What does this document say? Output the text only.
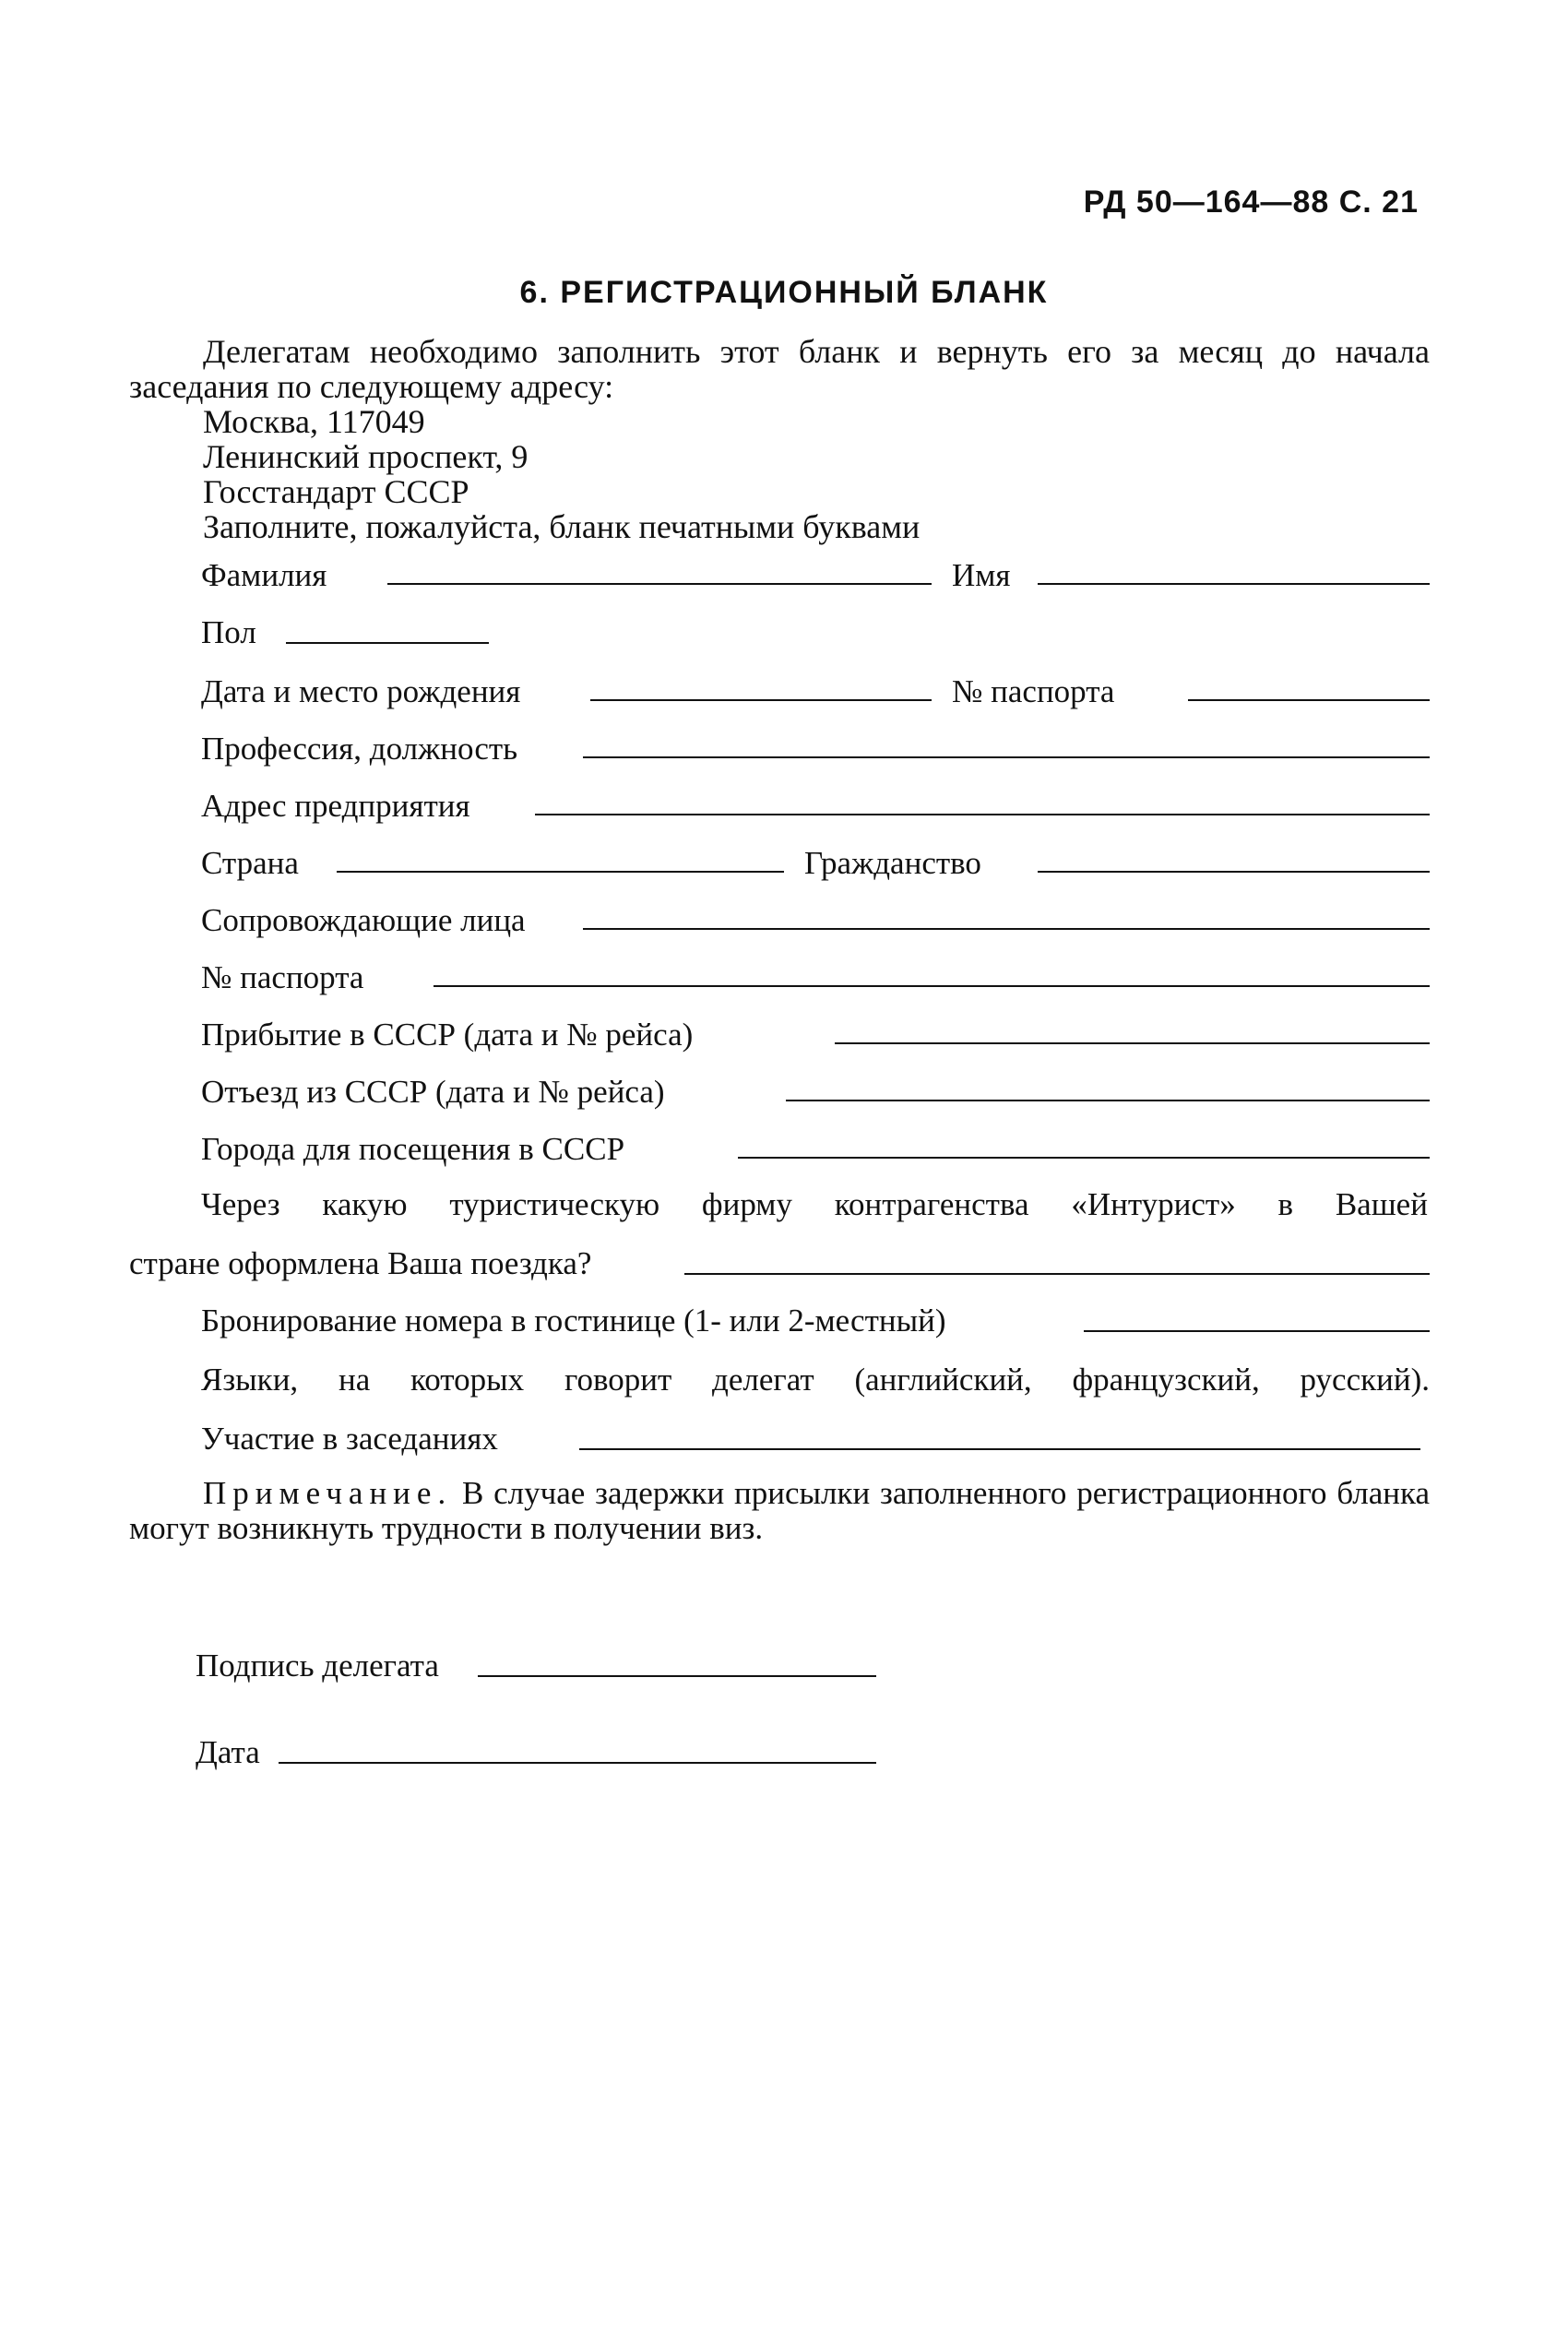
РД 50—164—88 С. 21
6. РЕГИСТРАЦИОННЫЙ БЛАНК
Делегатам необходимо заполнить этот бланк и вернуть его за месяц до начала заседания по следующему адресу:
Москва, 117049
Ленинский проспект, 9
Госстандарт СССР
Заполните, пожалуйста, бланк печатными буквами
Фамилия	Имя
Пол
Дата и место рождения	№ паспорта
Профессия, должность
Адрес предприятия
Страна	Гражданство
Сопровождающие лица
№ паспорта
Прибытие в СССР (дата и № рейса)
Отъезд из СССР (дата и № рейса)
Города для посещения в СССР
Через какую туристическую фирму контрагенства «Интурист» в Вашей
стране оформлена Ваша поездка?
Бронирование номера в гостинице (1- или 2-местный)
Языки, на которых говорит делегат (английский, французский, русский).
Участие в заседаниях
Примечание. В случае задержки присылки заполненного регистрационного бланка могут возникнуть трудности в получении виз.
Подпись делегата
Дата
